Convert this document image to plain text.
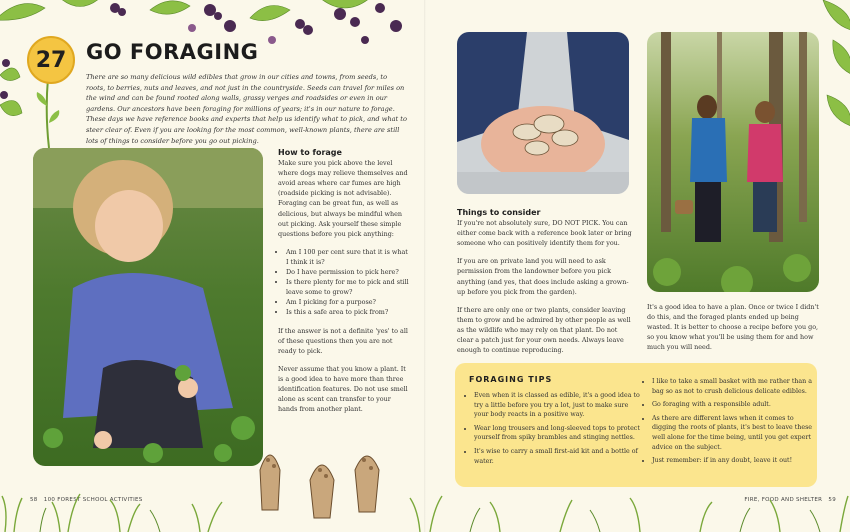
27 GO FORAGING

There are so many delicious wild edibles that grow in our cities and towns, from seeds, to roots, to berries, nuts and leaves, and not just in the countryside. Seeds can travel for miles on the wind and can be found rooted along walls, grassy verges and roadsides or even in our gardens. Our ancestors have been foraging for millions of years; it's in our nature to forage. These days we have reference books and experts that help us identify what to pick, and what to steer clear of. Even if you are looking for the most common, well-known plants, there are still lots of things to consider before you go out picking.

How to forage

Make sure you pick above the level where dogs may relieve themselves and avoid areas where car fumes are high (roadside picking is not advisable). Foraging can be great fun, as well as delicious, but always be mindful when out picking. Ask yourself these simple questions before you pick anything:

• Am I 100 per cent sure that it is what I think it is?
• Do I have permission to pick here?
• Is there plenty for me to pick and still leave some to grow?
• Am I picking for a purpose?
• Is this a safe area to pick from?

If the answer is not a definite 'yes' to all of these questions then you are not ready to pick.

Never assume that you know a plant. It is a good idea to have more than three identification features. Do not use smell alone as scent can transfer to your hands from another plant.

58 100 FOREST SCHOOL ACTIVITIES
Things to consider

If you're not absolutely sure, DO NOT PICK. You can either come back with a reference book later or bring someone who can positively identify them for you.

If you are on private land you will need to ask permission from the landowner before you pick anything (and yes, that does include asking a grown-up before you pick from the garden).

If there are only one or two plants, consider leaving them to grow and be admired by other people as well as the wildlife who may rely on that plant. Do not clear a patch just for your own needs. Always leave enough to continue reproducing.

It's a good idea to have a plan. Once or twice I didn't do this, and the foraged plants ended up being wasted. It is better to choose a recipe before you go, so you know what you'll be using them for and how much you will need.

FIRE, FOOD AND SHELTER 59
FORAGING TIPS
• Even when it is classed as edible, it's a good idea to try a little before you try a lot, just to make sure your body reacts in a positive way.
• Wear long trousers and long-sleeved tops to protect yourself from spiky brambles and stinging nettles.
• It's wise to carry a small first-aid kit and a bottle of water.
• I like to take a small basket with me rather than a bag so as not to crush delicious delicate edibles.
• Go foraging with a responsible adult.
• As there are different laws when it comes to digging the roots of plants, it's best to leave these well alone for the time being, until you get expert advice on the subject.
• Just remember: if in any doubt, leave it out!
